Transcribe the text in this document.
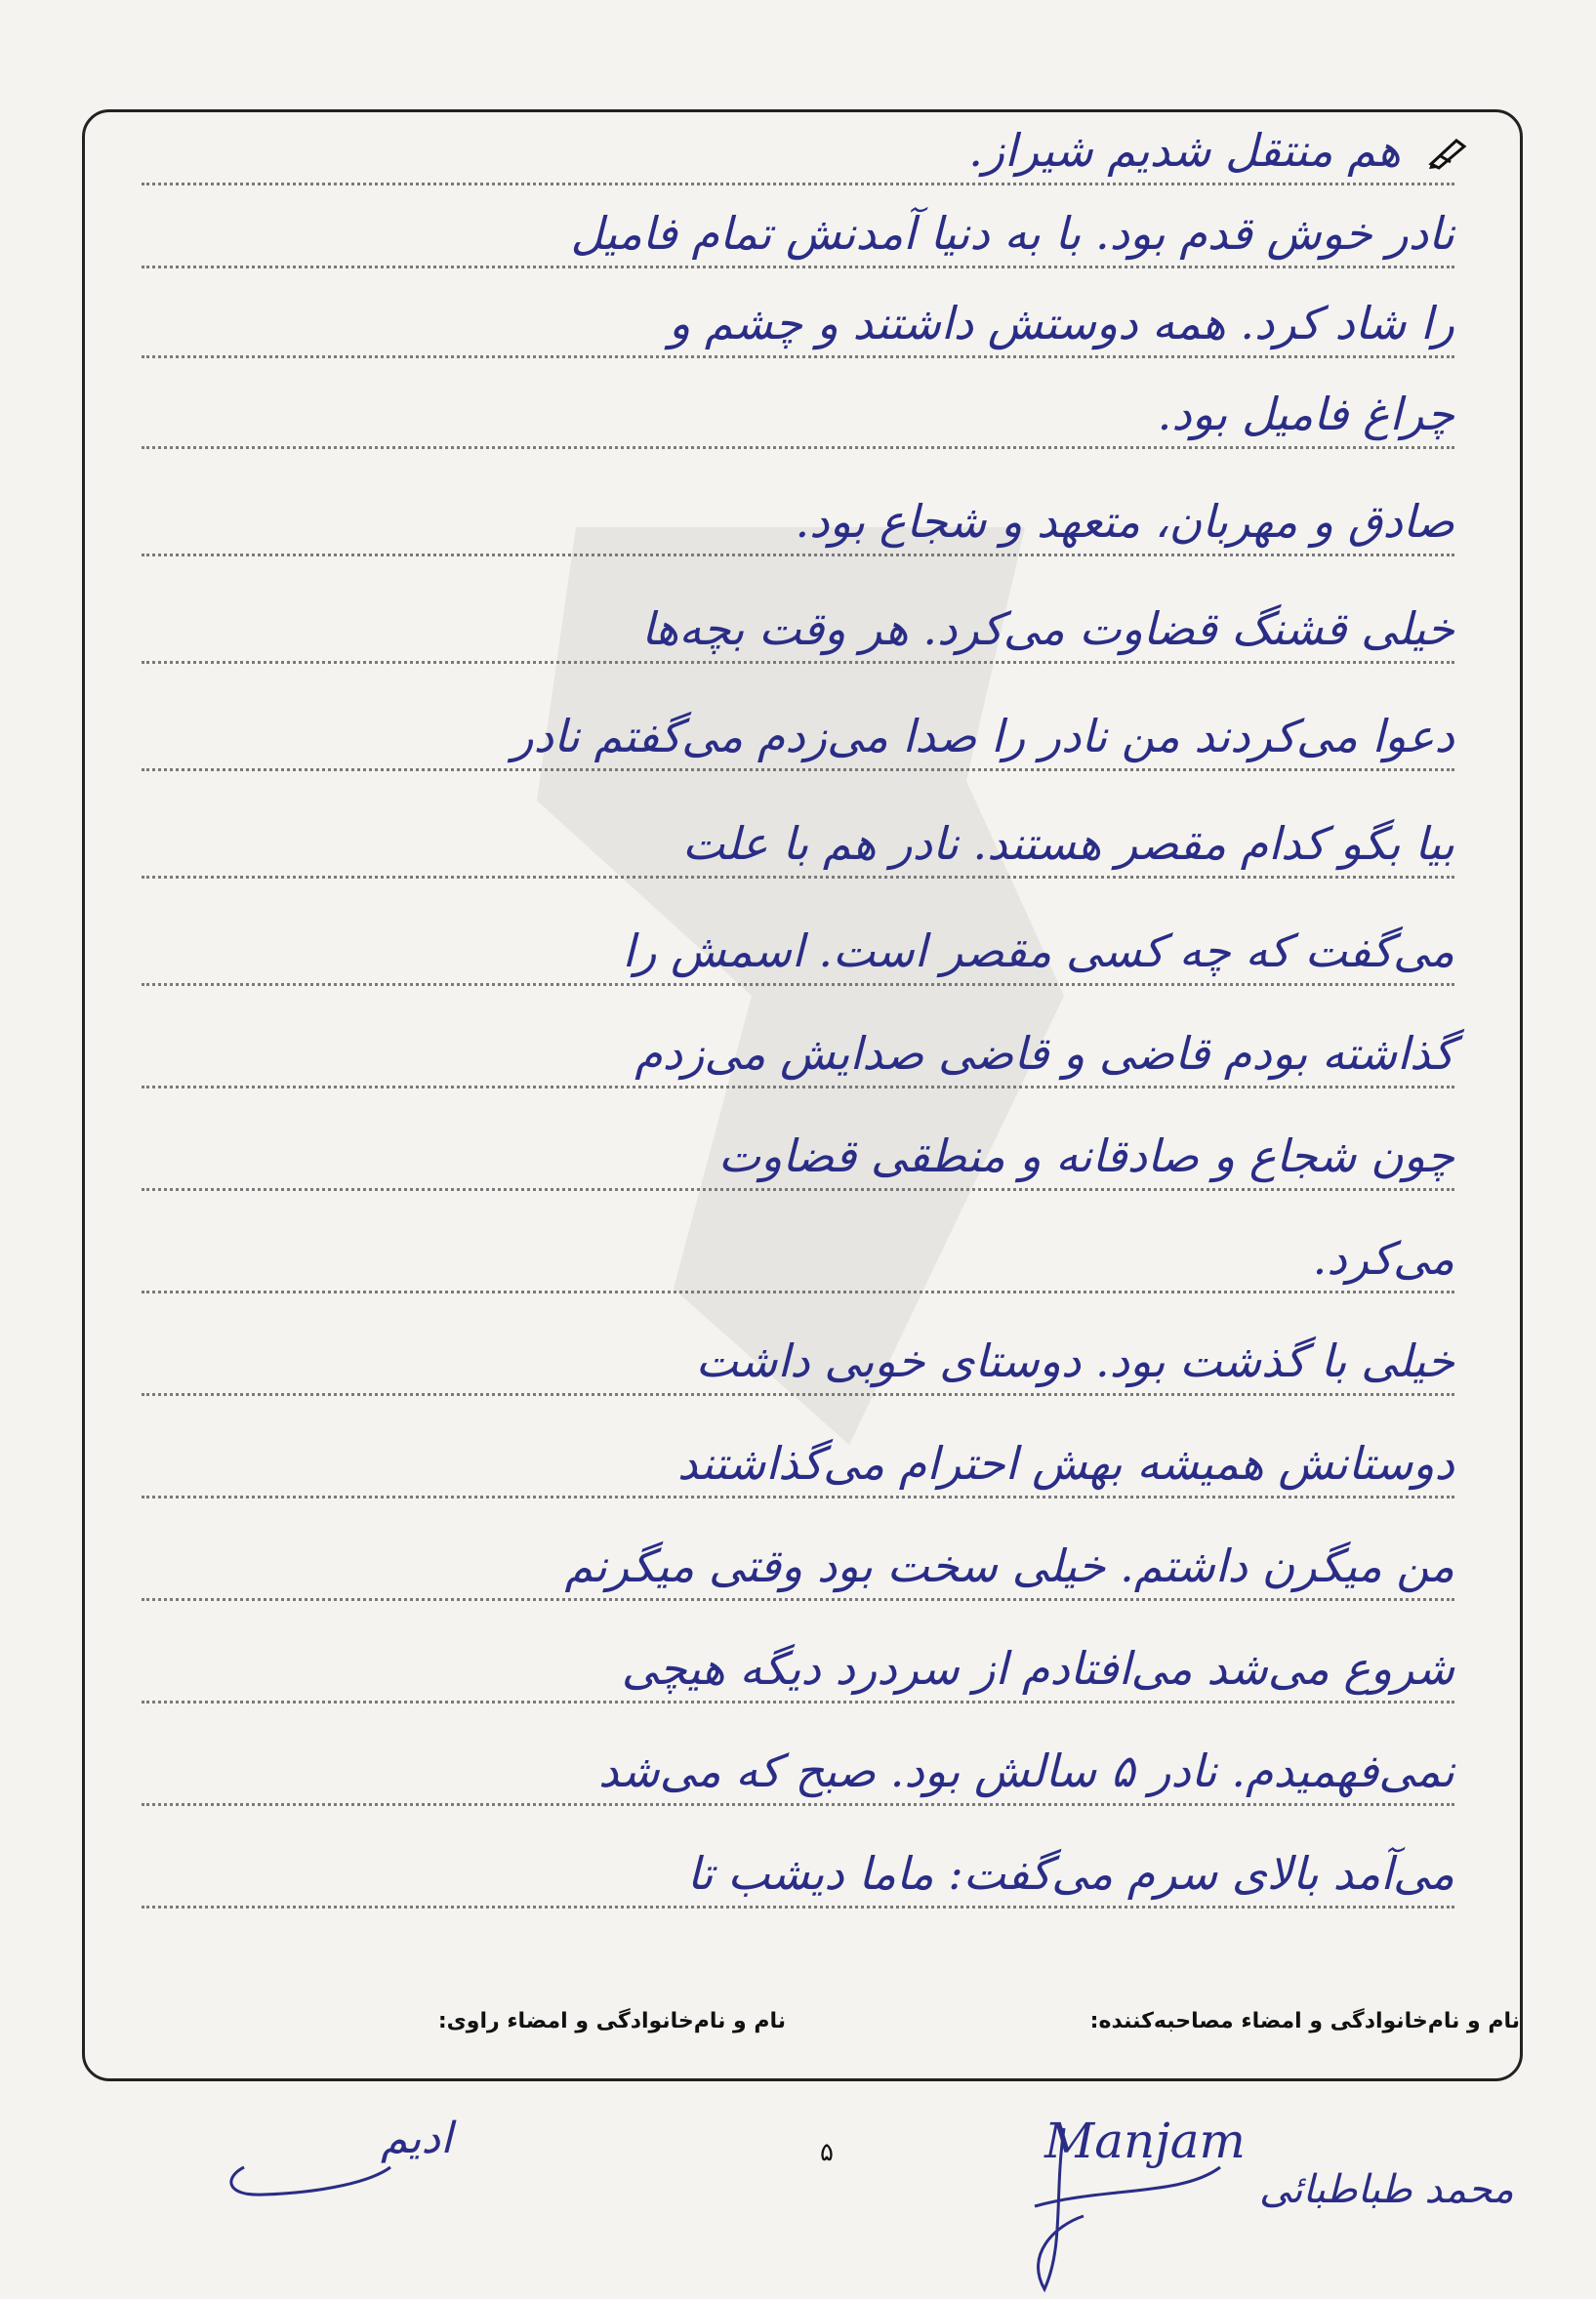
هم منتقل شدیم شیراز.
نادر خوش قدم بود. با به دنیا آمدنش تمام فامیل
را شاد کرد. همه دوستش داشتند و چشم و
چراغ فامیل بود.
صادق و مهربان، متعهد و شجاع بود.
خیلی قشنگ قضاوت می‌کرد. هر وقت بچه‌ها
دعوا می‌کردند من نادر را صدا می‌زدم می‌گفتم نادر
بیا بگو کدام مقصر هستند. نادر هم با علت
می‌گفت که چه کسی مقصر است. اسمش را
گذاشته بودم قاضی و قاضی صدایش می‌زدم
چون شجاع و صادقانه و منطقی قضاوت
می‌کرد.
خیلی با گذشت بود. دوستای خوبی داشت
دوستانش همیشه بهش احترام می‌گذاشتند
من میگرن داشتم. خیلی سخت بود وقتی میگرنم
شروع می‌شد می‌افتادم از سردرد دیگه هیچی
نمی‌فهمیدم. نادر ۵ سالش بود. صبح که می‌شد
می‌آمد بالای سرم می‌گفت: ماما دیشب تا
نام و نام‌خانوادگی و امضاء مصاحبه‌کننده:
نام و نام‌خانوادگی و امضاء راوی:
۵
ادیم	Manjam
محمد طباطبائی
